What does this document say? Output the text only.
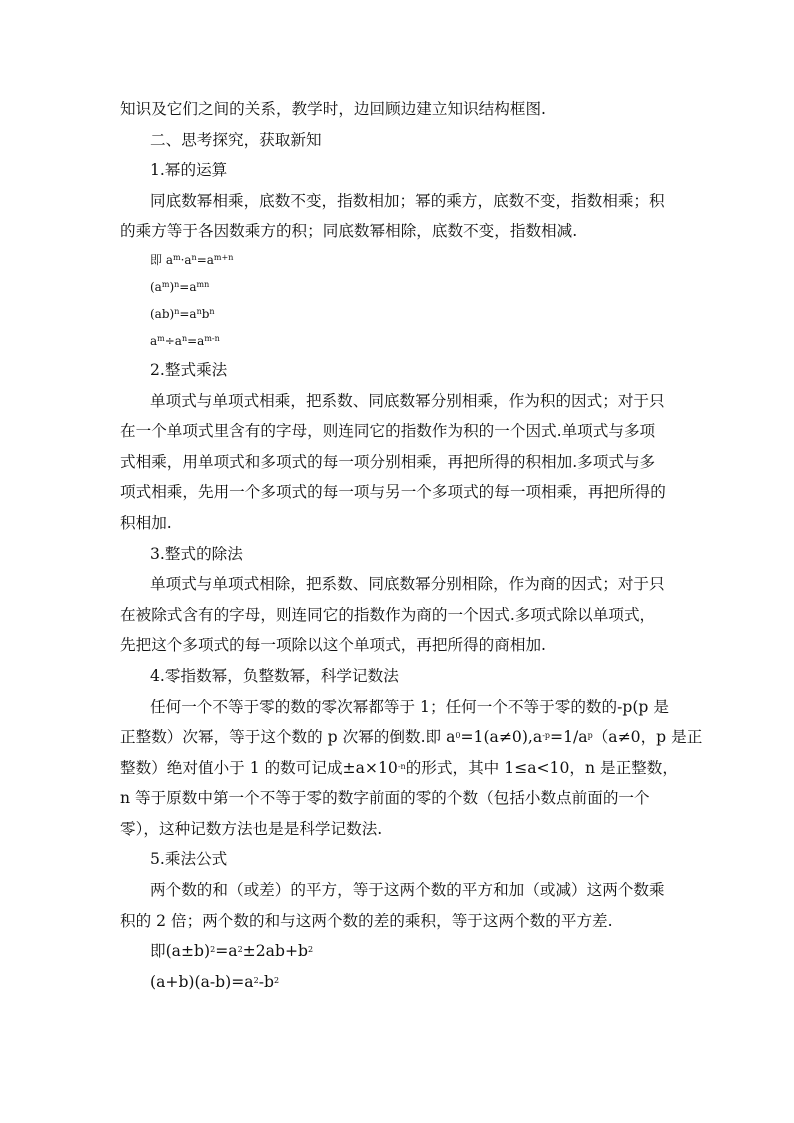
知识及它们之间的关系，教学时，边回顾边建立知识结构框图.
二、思考探究，获取新知
1.幂的运算
同底数幂相乘，底数不变，指数相加；幂的乘方，底数不变，指数相乘；积
的乘方等于各因数乘方的积；同底数幂相除，底数不变，指数相减.
即 $a^m\cdot a^n=a^{m+n}$
$(a^m)^n=a^{mn}$
$(ab)^n=a^nb^n$
$a^m\div a^n=a^{m-n}$
2.整式乘法
单项式与单项式相乘，把系数、同底数幂分别相乘，作为积的因式；对于只
在一个单项式里含有的字母，则连同它的指数作为积的一个因式.单项式与多项
式相乘，用单项式和多项式的每一项分别相乘，再把所得的积相加.多项式与多
项式相乘，先用一个多项式的每一项与另一个多项式的每一项相乘，再把所得的
积相加.
3.整式的除法
单项式与单项式相除，把系数、同底数幂分别相除，作为商的因式；对于只
在被除式含有的字母，则连同它的指数作为商的一个因式.多项式除以单项式，
先把这个多项式的每一项除以这个单项式，再把所得的商相加.
4.零指数幂，负整数幂，科学记数法
任何一个不等于零的数的零次幂都等于 1；任何一个不等于零的数的-p(p 是
正整数）次幂，等于这个数的 p 次幂的倒数.即 $a^0=1(a\ne 0),a^{-p}=1/a^p(a\ne 0$，p 是正
整数）绝对值小于 1 的数可记成$\pm a\times 10^{-n}$的形式，其中 1≤a<10，n 是正整数，
n 等于原数中第一个不等于零的数字前面的零的个数（包括小数点前面的一个
零），这种记数方法也是是科学记数法.
5.乘法公式
两个数的和（或差）的平方，等于这两个数的平方和加（或减）这两个数乘
积的 2 倍；两个数的和与这两个数的差的乘积，等于这两个数的平方差.
即$(a\pm b)^2=a^2\pm 2ab+b^2$
$(a+b)(a-b)=a^2-b^2$
